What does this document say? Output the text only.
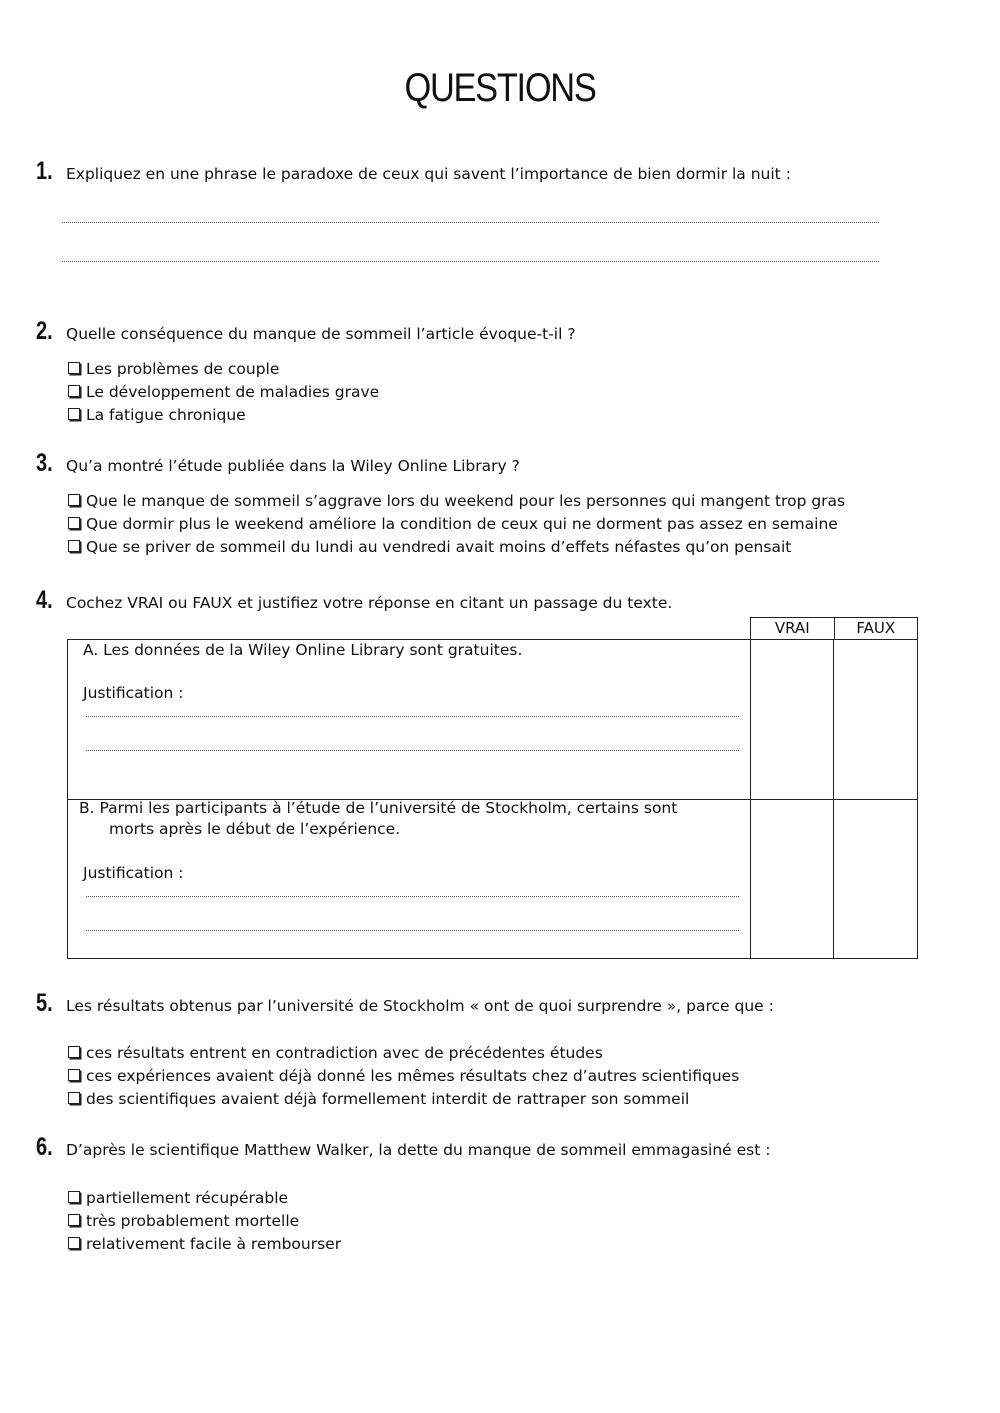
QUESTIONS
1. Expliquez en une phrase le paradoxe de ceux qui savent l’importance de bien dormir la nuit :
2. Quelle conséquence du manque de sommeil l’article évoque-t-il ?
Les problèmes de couple
Le développement de maladies grave
La fatigue chronique
3. Qu’a montré l’étude publiée dans la Wiley Online Library ?
Que le manque de sommeil s’aggrave lors du weekend pour les personnes qui mangent trop gras
Que dormir plus le weekend améliore la condition de ceux qui ne dorment pas assez en semaine
Que se priver de sommeil du lundi au vendredi avait moins d’effets néfastes qu’on pensait
4. Cochez VRAI ou FAUX et justifiez votre réponse en citant un passage du texte.
VRAI	FAUX
A. Les données de la Wiley Online Library sont gratuites.
Justification :
B. Parmi les participants à l’étude de l’université de Stockholm, certains sont
morts après le début de l’expérience.
Justification :
5. Les résultats obtenus par l’université de Stockholm « ont de quoi surprendre », parce que :
ces résultats entrent en contradiction avec de précédentes études
ces expériences avaient déjà donné les mêmes résultats chez d’autres scientifiques
des scientifiques avaient déjà formellement interdit de rattraper son sommeil
6. D’après le scientifique Matthew Walker, la dette du manque de sommeil emmagasiné est :
partiellement récupérable
très probablement mortelle
relativement facile à rembourser
